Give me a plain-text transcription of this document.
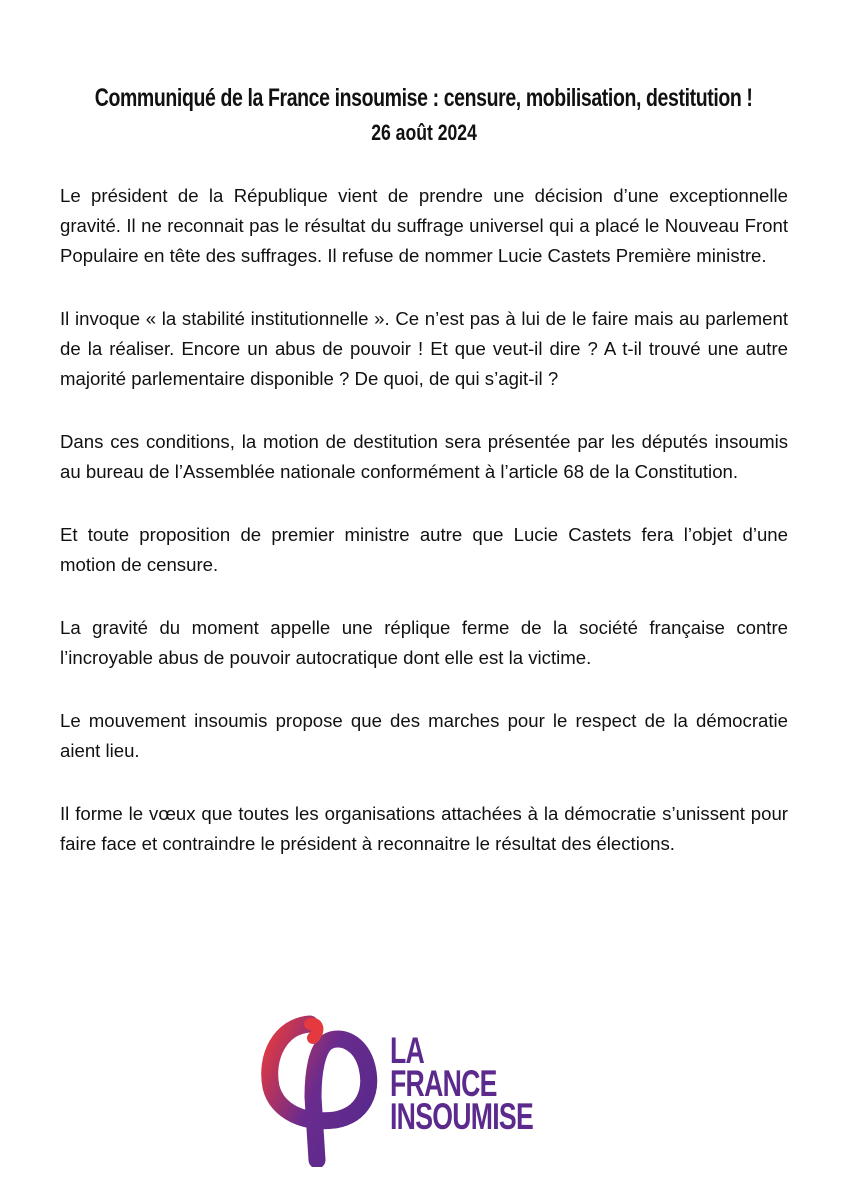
Communiqué de la France insoumise : censure, mobilisation, destitution !
26 août 2024

Le président de la République vient de prendre une décision d’une exceptionnelle gravité. Il ne reconnait pas le résultat du suffrage universel qui a placé le Nouveau Front Populaire en tête des suffrages. Il refuse de nommer Lucie Castets Première ministre.

Il invoque « la stabilité institutionnelle ». Ce n’est pas à lui de le faire mais au parlement de la réaliser. Encore un abus de pouvoir ! Et que veut-il dire ? A t-il trouvé une autre majorité parlementaire disponible ? De quoi, de qui s’agit-il ?

Dans ces conditions, la motion de destitution sera présentée par les députés insoumis au bureau de l’Assemblée nationale conformément à l’article 68 de la Constitution.

Et toute proposition de premier ministre autre que Lucie Castets fera l’objet d’une motion de censure.

La gravité du moment appelle une réplique ferme de la société française contre l’incroyable abus de pouvoir autocratique dont elle est la victime.

Le mouvement insoumis propose que des marches pour le respect de la démocratie aient lieu.

Il forme le vœux que toutes les organisations attachées à la démocratie s’unissent pour faire face et contraindre le président à reconnaitre le résultat des élections.

LA
FRANCE
INSOUMISE
